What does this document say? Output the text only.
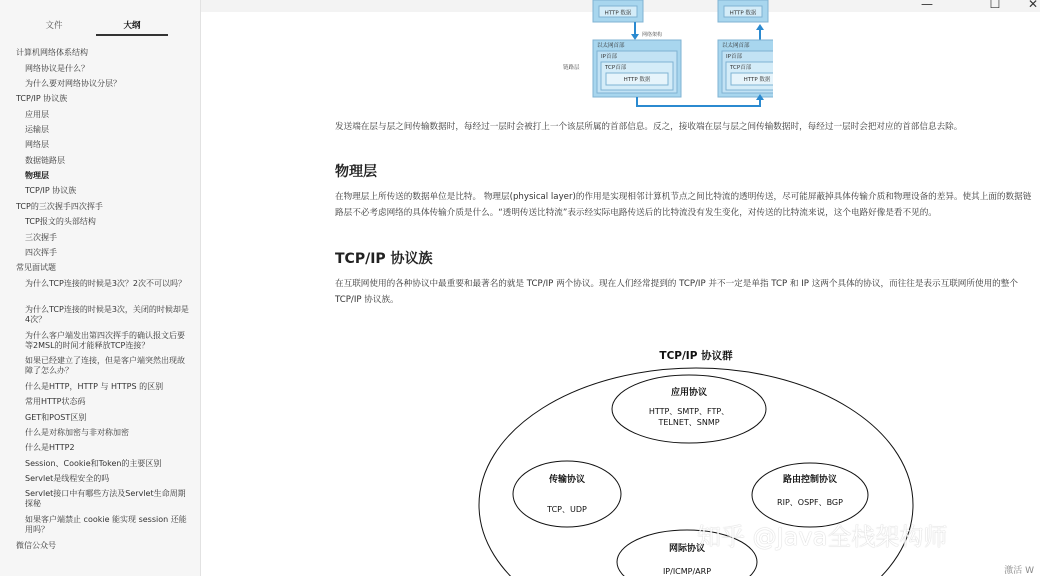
—	☐	✕
文件	大纲
计算机网络体系结构
网络协议是什么？
为什么要对网络协议分层？
TCP/IP 协议族
应用层
运输层
网络层
数据链路层
物理层
TCP/IP 协议族
TCP的三次握手四次挥手
TCP报文的头部结构
三次握手
四次挥手
常见面试题
为什么TCP连接的时候是3次？2次不可以吗？
为什么TCP连接的时候是3次，关闭的时候却是4次？
为什么客户端发出第四次挥手的确认报文后要等2MSL的时间才能释放TCP连接？
如果已经建立了连接，但是客户端突然出现故障了怎么办？
什么是HTTP，HTTP 与 HTTPS 的区别
常用HTTP状态码
GET和POST区别
什么是对称加密与非对称加密
什么是HTTP2
Session、Cookie和Token的主要区别
Servlet是线程安全的吗
Servlet接口中有哪些方法及Servlet生命周期探秘
如果客户端禁止 cookie 能实现 session 还能用吗？
微信公众号
HTTP 数据	HTTP 数据
网络架构
链路层
以太网首部
IP首部
TCP首部
HTTP 数据
以太网首部
IP首部
TCP首部
HTTP 数据
发送端在层与层之间传输数据时，每经过一层时会被打上一个该层所属的首部信息。反之，接收端在层与层之间传输数据时，每经过一层时会把对应的首部信息去除。
物理层
在物理层上所传送的数据单位是比特。 物理层(physical layer)的作用是实现相邻计算机节点之间比特流的透明传送，尽可能屏蔽掉具体传输介质和物理设备的差异。使其上面的数据链路层不必考虑网络的具体传输介质是什么。“透明传送比特流”表示经实际电路传送后的比特流没有发生变化，对传送的比特流来说，这个电路好像是看不见的。
TCP/IP 协议族
在互联网使用的各种协议中最重要和最著名的就是 TCP/IP 两个协议。现在人们经常提到的 TCP/IP 并不一定是单指 TCP 和 IP 这两个具体的协议，而往往是表示互联网所使用的整个 TCP/IP 协议族。
TCP/IP 协议群
应用协议
HTTP、SMTP、FTP、
TELNET、SNMP
传输协议
TCP、UDP
路由控制协议
RIP、OSPF、BGP
网际协议
IP/ICMP/ARP
知乎 @Java全栈架构师
激活 W
